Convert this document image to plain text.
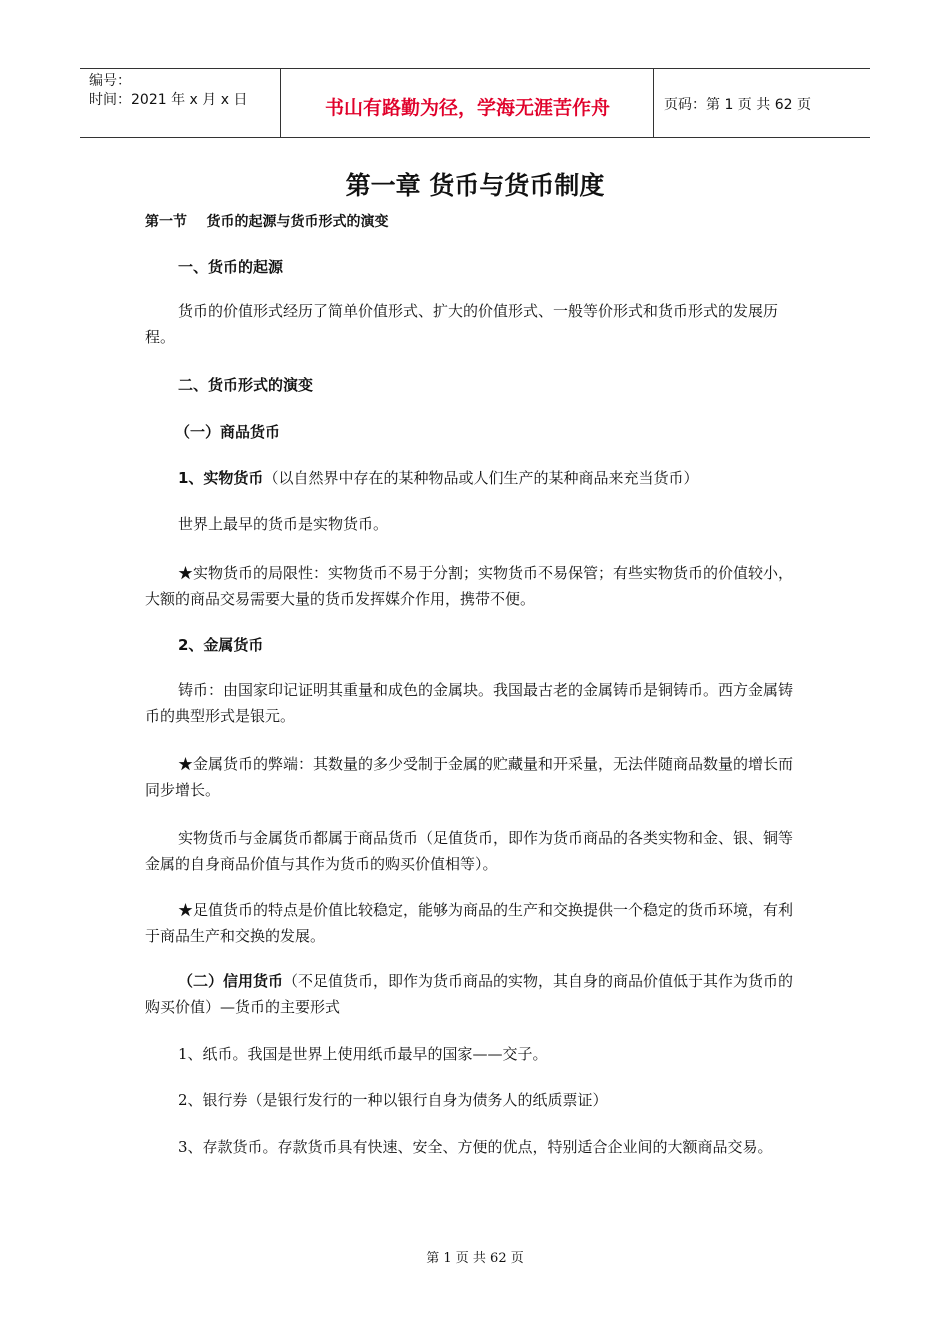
编号：
时间：2021 年 x 月 x 日	书山有路勤为径，学海无涯苦作舟	页码：第 1 页 共 62 页
第一章 货币与货币制度
第一节    货币的起源与货币形式的演变
一、货币的起源
货币的价值形式经历了简单价值形式、扩大的价值形式、一般等价形式和货币形式的发展历程。
二、货币形式的演变
（一）商品货币
1、实物货币（以自然界中存在的某种物品或人们生产的某种商品来充当货币）
世界上最早的货币是实物货币。
★实物货币的局限性：实物货币不易于分割；实物货币不易保管；有些实物货币的价值较小，大额的商品交易需要大量的货币发挥媒介作用，携带不便。
2、金属货币
铸币：由国家印记证明其重量和成色的金属块。我国最古老的金属铸币是铜铸币。西方金属铸币的典型形式是银元。
★金属货币的弊端：其数量的多少受制于金属的贮藏量和开采量，无法伴随商品数量的增长而同步增长。
实物货币与金属货币都属于商品货币（足值货币，即作为货币商品的各类实物和金、银、铜等金属的自身商品价值与其作为货币的购买价值相等）。
★足值货币的特点是价值比较稳定，能够为商品的生产和交换提供一个稳定的货币环境，有利于商品生产和交换的发展。
（二）信用货币（不足值货币，即作为货币商品的实物，其自身的商品价值低于其作为货币的购买价值）—货币的主要形式
1、纸币。我国是世界上使用纸币最早的国家——交子。
2、银行券（是银行发行的一种以银行自身为债务人的纸质票证）
3、存款货币。存款货币具有快速、安全、方便的优点，特别适合企业间的大额商品交易。
第 1 页 共 62 页
